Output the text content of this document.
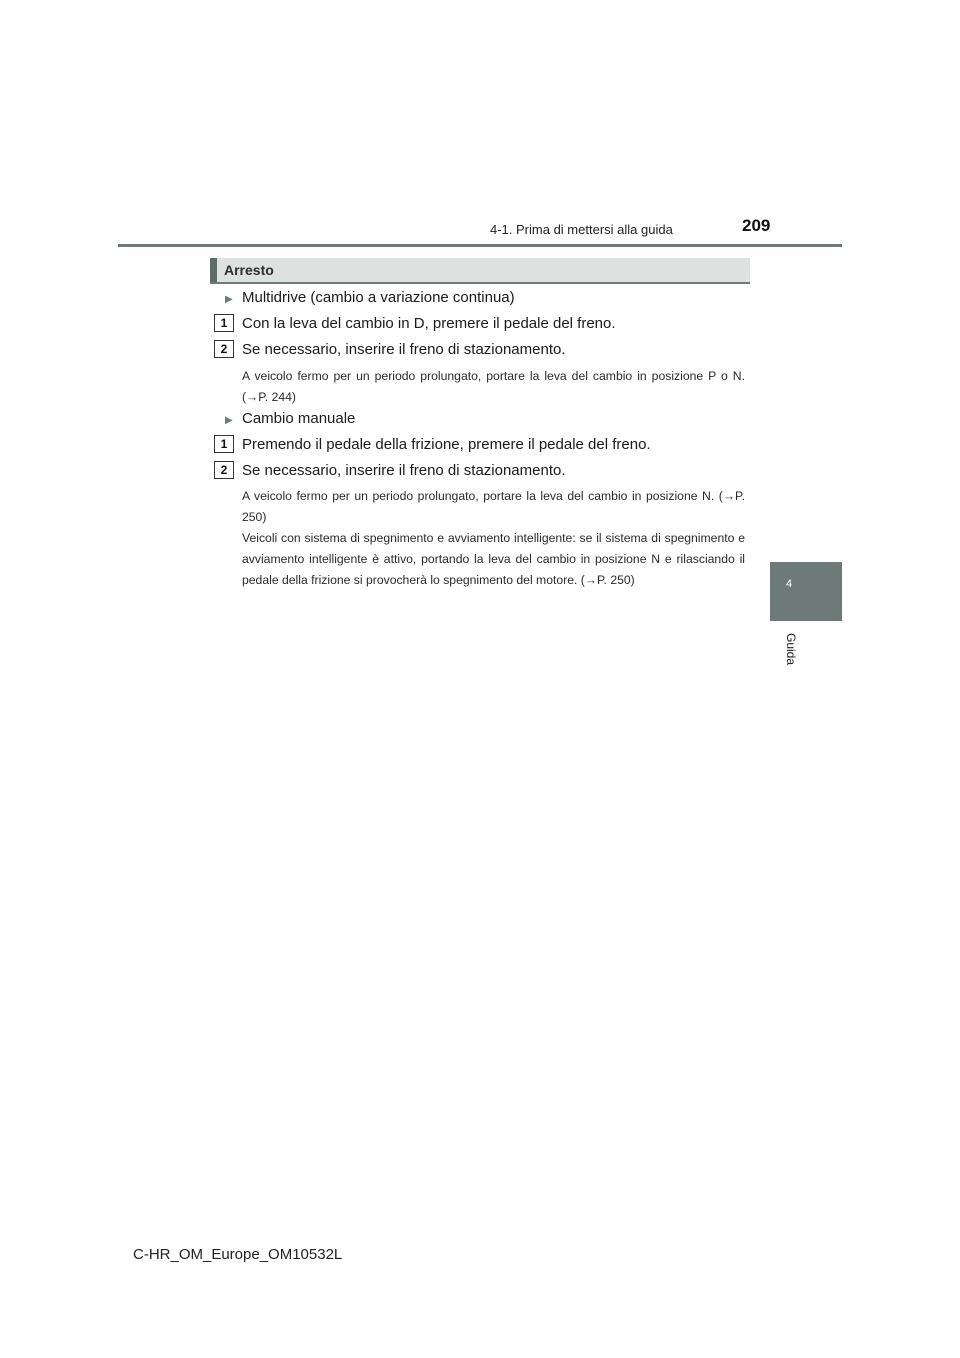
4-1. Prima di mettersi alla guida	209
4
Guida
Arresto
▶ Multidrive (cambio a variazione continua)
1 Con la leva del cambio in D, premere il pedale del freno.
2 Se necessario, inserire il freno di stazionamento.
A veicolo fermo per un periodo prolungato, portare la leva del cambio in posizione P o N. (→P. 244)
▶ Cambio manuale
1 Premendo il pedale della frizione, premere il pedale del freno.
2 Se necessario, inserire il freno di stazionamento.
A veicolo fermo per un periodo prolungato, portare la leva del cambio in posizione N. (→P. 250)
Veicoli con sistema di spegnimento e avviamento intelligente: se il sistema di spegnimento e avviamento intelligente è attivo, portando la leva del cambio in posizione N e rilasciando il pedale della frizione si provocherà lo spegnimento del motore. (→P. 250)
C-HR_OM_Europe_OM10532L
